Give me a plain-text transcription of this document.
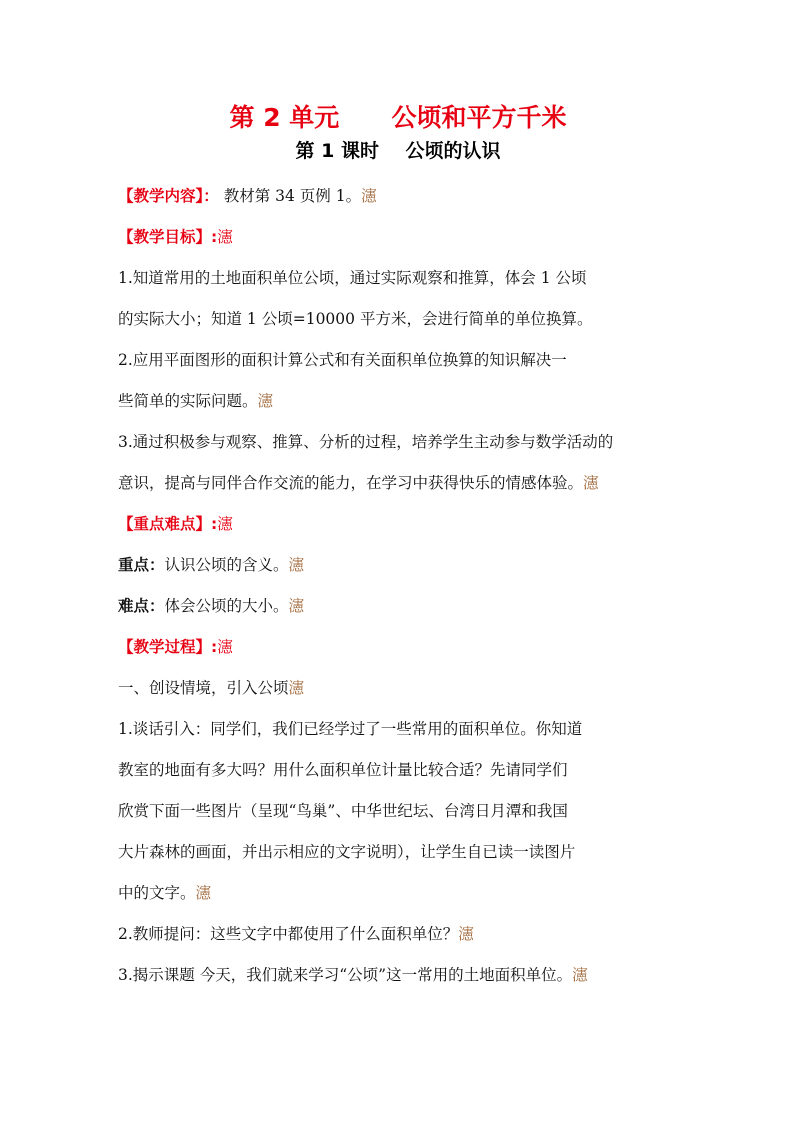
第 2 单元      公顷和平方千米
第 1 课时    公顷的认识

【教学内容】： 教材第 34 页例 1。瀗

【教学目标】:瀗

1.知道常用的土地面积单位公顷，通过实际观察和推算，体会 1 公顷

的实际大小；知道 1 公顷=10000 平方米，会进行简单的单位换算。

2.应用平面图形的面积计算公式和有关面积单位换算的知识解决一

些简单的实际问题。瀗

3.通过积极参与观察、推算、分析的过程，培养学生主动参与数学活动的

意识，提高与同伴合作交流的能力，在学习中获得快乐的情感体验。瀗

【重点难点】:瀗

重点：认识公顷的含义。瀗

难点：体会公顷的大小。瀗

【教学过程】:瀗

一、创设情境，引入公顷瀗

1.谈话引入：同学们，我们已经学过了一些常用的面积单位。你知道

教室的地面有多大吗？用什么面积单位计量比较合适？先请同学们

欣赏下面一些图片（呈现“鸟巢”、中华世纪坛、台湾日月潭和我国

大片森林的画面，并出示相应的文字说明），让学生自已读一读图片

中的文字。瀗

2.教师提问：这些文字中都使用了什么面积单位？瀗

3.揭示课题 今天，我们就来学习“公顷”这一常用的土地面积单位。瀗
